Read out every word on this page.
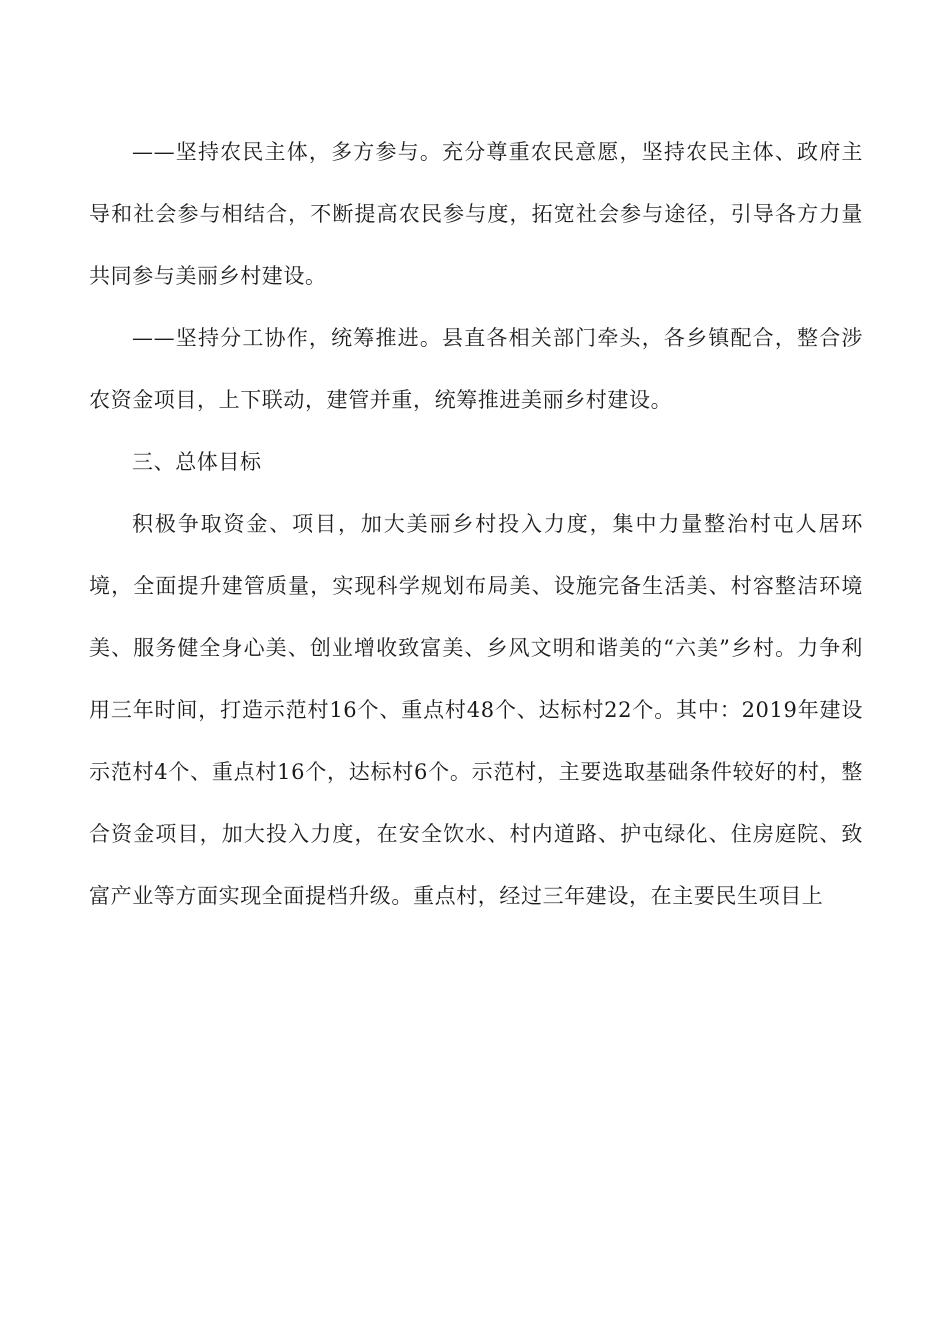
——坚持农民主体，多方参与。充分尊重农民意愿，坚持农民主体、政府主导和社会参与相结合，不断提高农民参与度，拓宽社会参与途径，引导各方力量共同参与美丽乡村建设。

——坚持分工协作，统筹推进。县直各相关部门牵头，各乡镇配合，整合涉农资金项目，上下联动，建管并重，统筹推进美丽乡村建设。

三、总体目标

积极争取资金、项目，加大美丽乡村投入力度，集中力量整治村屯人居环境，全面提升建管质量，实现科学规划布局美、设施完备生活美、村容整洁环境美、服务健全身心美、创业增收致富美、乡风文明和谐美的“六美”乡村。力争利用三年时间，打造示范村16个、重点村48个、达标村22个。其中：2019年建设示范村4个、重点村16个，达标村6个。示范村，主要选取基础条件较好的村，整合资金项目，加大投入力度，在安全饮水、村内道路、护屯绿化、住房庭院、致富产业等方面实现全面提档升级。重点村，经过三年建设，在主要民生项目上
